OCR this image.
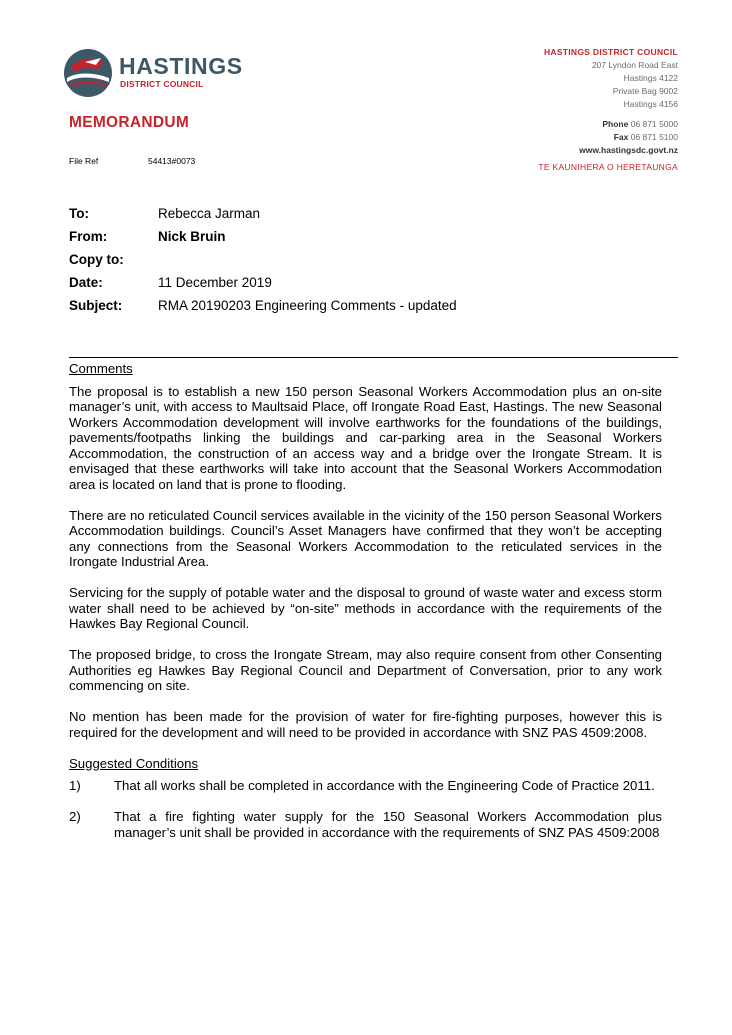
HASTINGS
DISTRICT COUNCIL
HASTINGS DISTRICT COUNCIL
207 Lyndon Road East
Hastings 4122
Private Bag 9002
Hastings 4156
Phone 06 871 5000
Fax 06 871 5100
www.hastingsdc.govt.nz
TE KAUNIHERA O HERETAUNGA
MEMORANDUM
File Ref	54413#0073
To:	Rebecca Jarman
From:	Nick Bruin
Copy to:
Date:	11 December 2019
Subject:	RMA 20190203 Engineering Comments - updated

Comments

The proposal is to establish a new 150 person Seasonal Workers Accommodation plus an on-site manager’s unit, with access to Maultsaid Place, off Irongate Road East, Hastings. The new Seasonal Workers Accommodation development will involve earthworks for the foundations of the buildings, pavements/footpaths linking the buildings and car-parking area in the Seasonal Workers Accommodation, the construction of an access way and a bridge over the Irongate Stream. It is envisaged that these earthworks will take into account that the Seasonal Workers Accommodation area is located on land that is prone to flooding.

There are no reticulated Council services available in the vicinity of the 150 person Seasonal Workers Accommodation buildings. Council’s Asset Managers have confirmed that they won’t be accepting any connections from the Seasonal Workers Accommodation to the reticulated services in the Irongate Industrial Area.

Servicing for the supply of potable water and the disposal to ground of waste water and excess storm water shall need to be achieved by “on-site” methods in accordance with the requirements of the Hawkes Bay Regional Council.

The proposed bridge, to cross the Irongate Stream, may also require consent from other Consenting Authorities eg Hawkes Bay Regional Council and Department of Conversation, prior to any work commencing on site.

No mention has been made for the provision of water for fire-fighting purposes, however this is required for the development and will need to be provided in accordance with SNZ PAS 4509:2008.

Suggested Conditions

1)	That all works shall be completed in accordance with the Engineering Code of Practice 2011.
2)	That a fire fighting water supply for the 150 Seasonal Workers Accommodation plus manager’s unit shall be provided in accordance with the requirements of SNZ PAS 4509:2008
